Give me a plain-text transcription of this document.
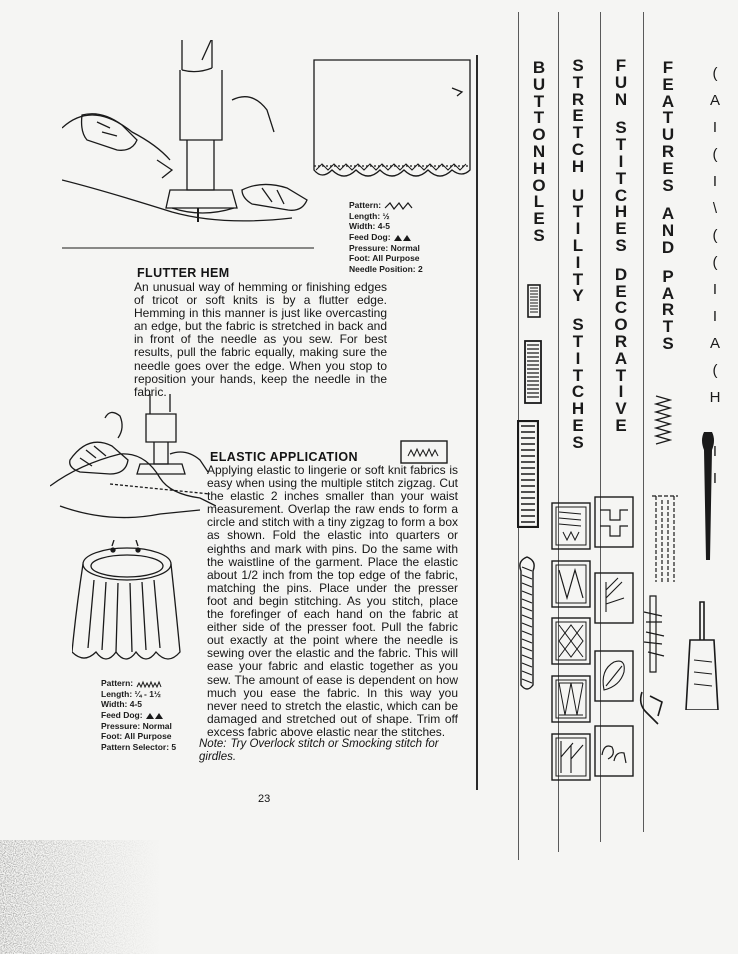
Pattern:
Length: ½
Width: 4-5
Feed Dog:
Pressure: Normal
Foot: All Purpose
Needle Position: 2
FLUTTER HEM
An unusual way of hemming or finishing edges of tricot or soft knits is by a flutter edge. Hemming in this manner is just like overcasting an edge, but the fabric is stretched in back and in front of the needle as you sew. For best results, pull the fabric equally, making sure the needle goes over the edge. When you stop to reposition your hands, keep the needle in the fabric.
Pattern:
Length: ¼ - 1½
Width: 4-5
Feed Dog:
Pressure: Normal
Foot: All Purpose
Pattern Selector: 5
ELASTIC APPLICATION
Applying elastic to lingerie or soft knit fabrics is easy when using the multiple stitch zigzag. Cut the elastic 2 inches smaller than your waist measurement. Overlap the raw ends to form a circle and stitch with a tiny zigzag to form a box as shown. Fold the elastic into quarters or eighths and mark with pins. Do the same with the waistline of the garment. Place the elastic about 1/2 inch from the top edge of the fabric, matching the pins. Place under the presser foot and begin stitching. As you stitch, place the forefinger of each hand on the fabric at either side of the presser foot. Pull the fabric out exactly at the point where the needle is sewing over the elastic and the fabric. This will ease your fabric and elastic together as you sew. The amount of ease is dependent on how much you ease the fabric. In this way you never need to stretch the elastic, which can be damaged and stretched out of shape. Trim off excess fabric above elastic near the stitches.
Note: Try Overlock stitch or Smocking stitch for girdles.
23
B
U
T
T
O
N
H
O
L
E
S
S
T
R
E
T
C
H
U
T
I
L
I
T
Y
S
T
I
T
C
H
E
S
F
U
N
S
T
I
T
C
H
E
S
D
E
C
O
R
A
T
I
V
E
F
E
A
T
U
R
E
S
A
N
D
P
A
R
T
S
(
A
I
(
I
\
(
(
I
I
A
(
H

I
I
